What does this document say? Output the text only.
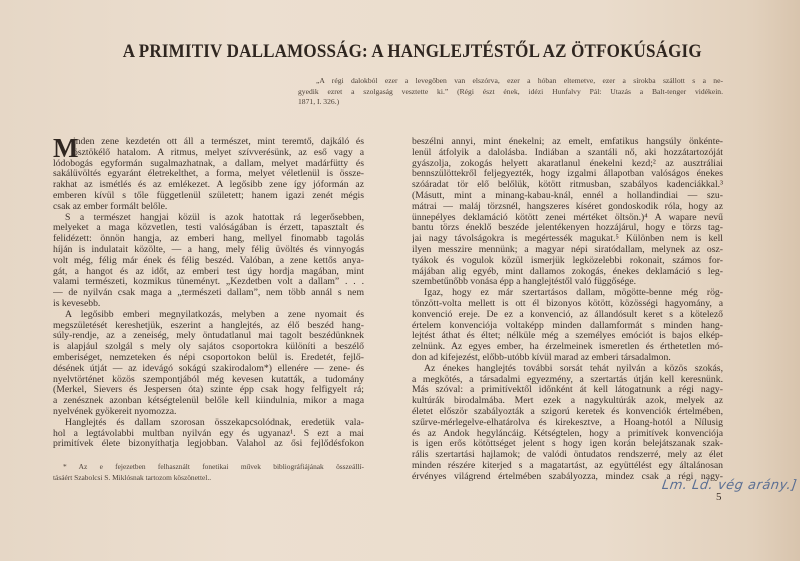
A PRIMITIV DALLAMOSSÁG: A HANGLEJTÉSTŐL AZ ÖTFOKÚSÁGIG
„A régi dalokból ezer a levegőben van elszórva, ezer a hóban eltemetve, ezer a sírokba szállott s a ne-
gyedik ezret a szolgaság vesztette ki.” (Régi észt ének, idézi Hunfalvy Pál: Utazás a Balt-tenger vidékein.
1871, I. 326.)
M
inden zene kezdetén ott áll a természet, mint teremtő, dajkáló és
ösztökélő hatalom. A ritmus, melyet szívverésünk, az eső vagy a
lódobogás egyformán sugalmazhatnak, a dallam, melyet madárfütty és
sakálüvöltés egyaránt életrekelthet, a forma, melyet véletlenül is össze-
rakhat az ismétlés és az emlékezet. A legősibb zene így jóformán az
emberen kívül s tőle függetlenül született; hanem igazi zenét mégis
csak az ember formált belőle.
S a természet hangjai közül is azok hatottak rá legerősebben,
melyeket a maga közvetlen, testi valóságában is érzett, tapasztalt és
felidézett: önnön hangja, az emberi hang, mellyel finomabb tagolás
híján is indulatait közölte, — a hang, mely félig üvöltés és vinnyogás
volt még, félig már ének és félig beszéd. Valóban, a zene kettős anya-
gát, a hangot és az időt, az emberi test úgy hordja magában, mint
valami természeti, kozmikus tüneményt. „Kezdetben volt a dallam” . . .
— de nyilván csak maga a „természeti dallam”, nem több annál s nem
is kevesebb.
A legősibb emberi megnyilatkozás, melyben a zene nyomait és
megszületését kereshetjük, eszerint a hanglejtés, az élő beszéd hang-
súly-rendje, az a zeneiség, mely öntudatlanul mai tagolt beszédünknek
is alapjául szolgál s mely oly sajátos csoportokra különíti a beszélő
emberiséget, nemzeteken és népi csoportokon belül is. Eredetét, fejlő-
désének útját — az idevágó sokágú szakirodalom*) ellenére — zene- és
nyelvtörténet közös szempontjából még kevesen kutatták, a tudomány
(Merkel, Sievers és Jespersen óta) szinte épp csak hogy felfigyelt rá;
a zenésznek azonban kétségtelenül belőle kell kiindulnia, mikor a maga
nyelvének gyökereit nyomozza.
Hanglejtés és dallam szorosan összekapcsolódnak, eredetük vala-
hol a legtávolabbi multban nyilván egy és ugyanaz¹. S ezt a mai
primitívek élete bizonyíthatja legjobban. Valahol az ősi fejlődésfokon
beszélni annyi, mint énekelni; az emelt, emfatikus hangsúly önkénte-
lenül átfolyik a dalolásba. Indiában a szantáli nő, aki hozzátartozóját
gyászolja, zokogás helyett akaratlanul énekelni kezd;² az ausztráliai
bennszülöttekről feljegyezték, hogy izgalmi állapotban valóságos énekes
szóáradat tör elő belőlük, kötött ritmusban, szabályos kadenciákkal.³
(Másutt, mint a minang-kabau-knál, ennél a hollandindiai — szu-
mátrai — maláj törzsnél, hangszeres kíséret gondoskodik róla, hogy az
ünnepélyes deklamáció kötött zenei mértéket öltsön.)⁴ A wapare nevű
bantu törzs éneklő beszéde jelentékenyen hozzájárul, hogy e törzs tag-
jai nagy távolságokra is megértessék magukat.⁵ Különben nem is kell
ilyen messzire mennünk; a magyar népi siratódallam, melynek az osz-
tyákok és vogulok közül ismerjük legközelebbi rokonait, számos for-
májában alig egyéb, mint dallamos zokogás, énekes deklamáció s leg-
szembetűnőbb vonása épp a hanglejtéstől való függősége.
Igaz, hogy ez már szertartásos dallam, mögötte-benne még rög-
tönzött-volta mellett is ott él bizonyos kötött, közösségi hagyomány, a
konvenció ereje. De ez a konvenció, az állandósult keret s a kötelező
értelem konvenciója voltaképp minden dallamformát s minden hang-
lejtést áthat és éltet; nélküle még a személyes emóciót is bajos elkép-
zelnünk. Az egyes ember, ha érzelmeinek ismeretlen és érthetetlen mó-
don ad kifejezést, előbb-utóbb kívül marad az emberi társadalmon.
Az énekes hanglejtés további sorsát tehát nyilván a közös szokás,
a megkötés, a társadalmi egyezmény, a szertartás útján kell keresnünk.
Más szóval: a primitívektől időnként át kell látogatnunk a régi nagy-
kultúrák birodalmába. Mert ezek a nagykultúrák azok, melyek az
életet először szabályozták a szigorú keretek és konvenciók értelmében,
szűrve-mérlegelve-elhatárolva és kirekesztve, a Hoang-hotól a Nílusig
és az Andok hegyláncáig. Kétségtelen, hogy a primitívek konvenciója
is igen erős kötöttséget jelent s hogy igen korán belejátszanak szak-
rális szertartási hajlamok; de valódi öntudatos rendszerré, mely az élet
minden részére kiterjed s a magatartást, az együttélést egy általánosan
érvényes világrend értelmében szabályozza, mindez csak a régi nagy-
* Az e fejezetben felhasznált fonetikai művek bibliográfiájának összeállí-
tásáért Szabolcsi S. Miklósnak tartozom köszönettel..
Lm. Ld. vég arány.]
5
